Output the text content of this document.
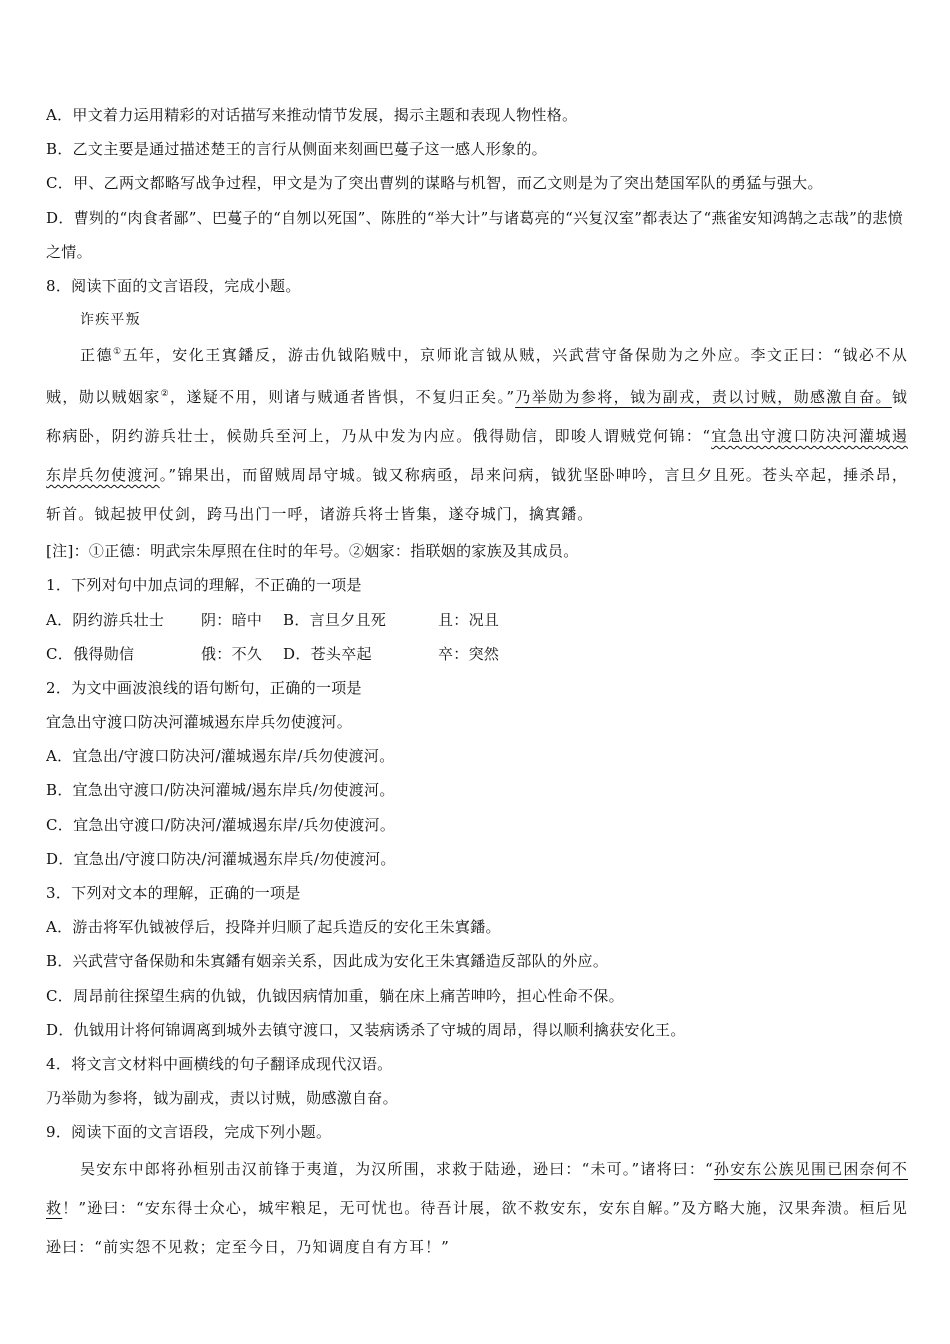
A．甲文着力运用精彩的对话描写来推动情节发展，揭示主题和表现人物性格。
B．乙文主要是通过描述楚王的言行从侧面来刻画巴蔓子这一感人形象的。
C．甲、乙两文都略写战争过程，甲文是为了突出曹刿的谋略与机智，而乙文则是为了突出楚国军队的勇猛与强大。
D．曹刿的“肉食者鄙”、巴蔓子的“自刎以死国”、陈胜的“举大计”与诸葛亮的“兴复汉室”都表达了“燕雀安知鸿鹄之志哉”的悲愤之情。
8．阅读下面的文言语段，完成小题。
诈疾平叛
正德①五年，安化王寘鐇反，游击仇钺陷贼中，京师讹言钺从贼，兴武营守备保勋为之外应。李文正曰：“钺必不从贼，勋以贼姻家②，遂疑不用，则诸与贼通者皆惧，不复归正矣。”乃举勋为参将，钺为副戎，责以讨贼，勋感激自奋。钺称病卧，阴约游兵壮士，候勋兵至河上，乃从中发为内应。俄得勋信，即唆人谓贼党何锦：“宜急出守渡口防决河灌城遏东岸兵勿使渡河。”锦果出，而留贼周昂守城。钺又称病亟，昂来问病，钺犹坚卧呻吟，言旦夕且死。苍头卒起，捶杀昂，斩首。钺起披甲仗剑，跨马出门一呼，诸游兵将士皆集，遂夺城门，擒寘鐇。
[注]：①正德：明武宗朱厚照在住时的年号。②姻家：指联姻的家族及其成员。
1．下列对句中加点词的理解，不正确的一项是
A．阴约游兵壮士	阴：暗中	B．言旦夕且死	且：况且
C．俄得勋信	俄：不久	D．苍头卒起	卒：突然
2．为文中画波浪线的语句断句，正确的一项是
宜急出守渡口防决河灌城遏东岸兵勿使渡河。
A．宜急出/守渡口防决河/灌城遏东岸/兵勿使渡河。
B．宜急出守渡口/防决河灌城/遏东岸兵/勿使渡河。
C．宜急出守渡口/防决河/灌城遏东岸/兵勿使渡河。
D．宜急出/守渡口防决/河灌城遏东岸兵/勿使渡河。
3．下列对文本的理解，正确的一项是
A．游击将军仇钺被俘后，投降并归顺了起兵造反的安化王朱寘鐇。
B．兴武营守备保勋和朱寘鐇有姻亲关系，因此成为安化王朱寘鐇造反部队的外应。
C．周昂前往探望生病的仇钺，仇钺因病情加重，躺在床上痛苦呻吟，担心性命不保。
D．仇钺用计将何锦调离到城外去镇守渡口，又装病诱杀了守城的周昂，得以顺利擒获安化王。
4．将文言文材料中画横线的句子翻译成现代汉语。
乃举勋为参将，钺为副戎，责以讨贼，勋感激自奋。
9．阅读下面的文言语段，完成下列小题。
吴安东中郎将孙桓别击汉前锋于夷道，为汉所围，求救于陆逊，逊曰：“未可。”诸将曰：“孙安东公族见围已困奈何不救！”逊曰：“安东得士众心，城牢粮足，无可忧也。待吾计展，欲不救安东，安东自解。”及方略大施，汉果奔溃。桓后见逊曰：“前实怨不见救；定至今日，乃知调度自有方耳！”
